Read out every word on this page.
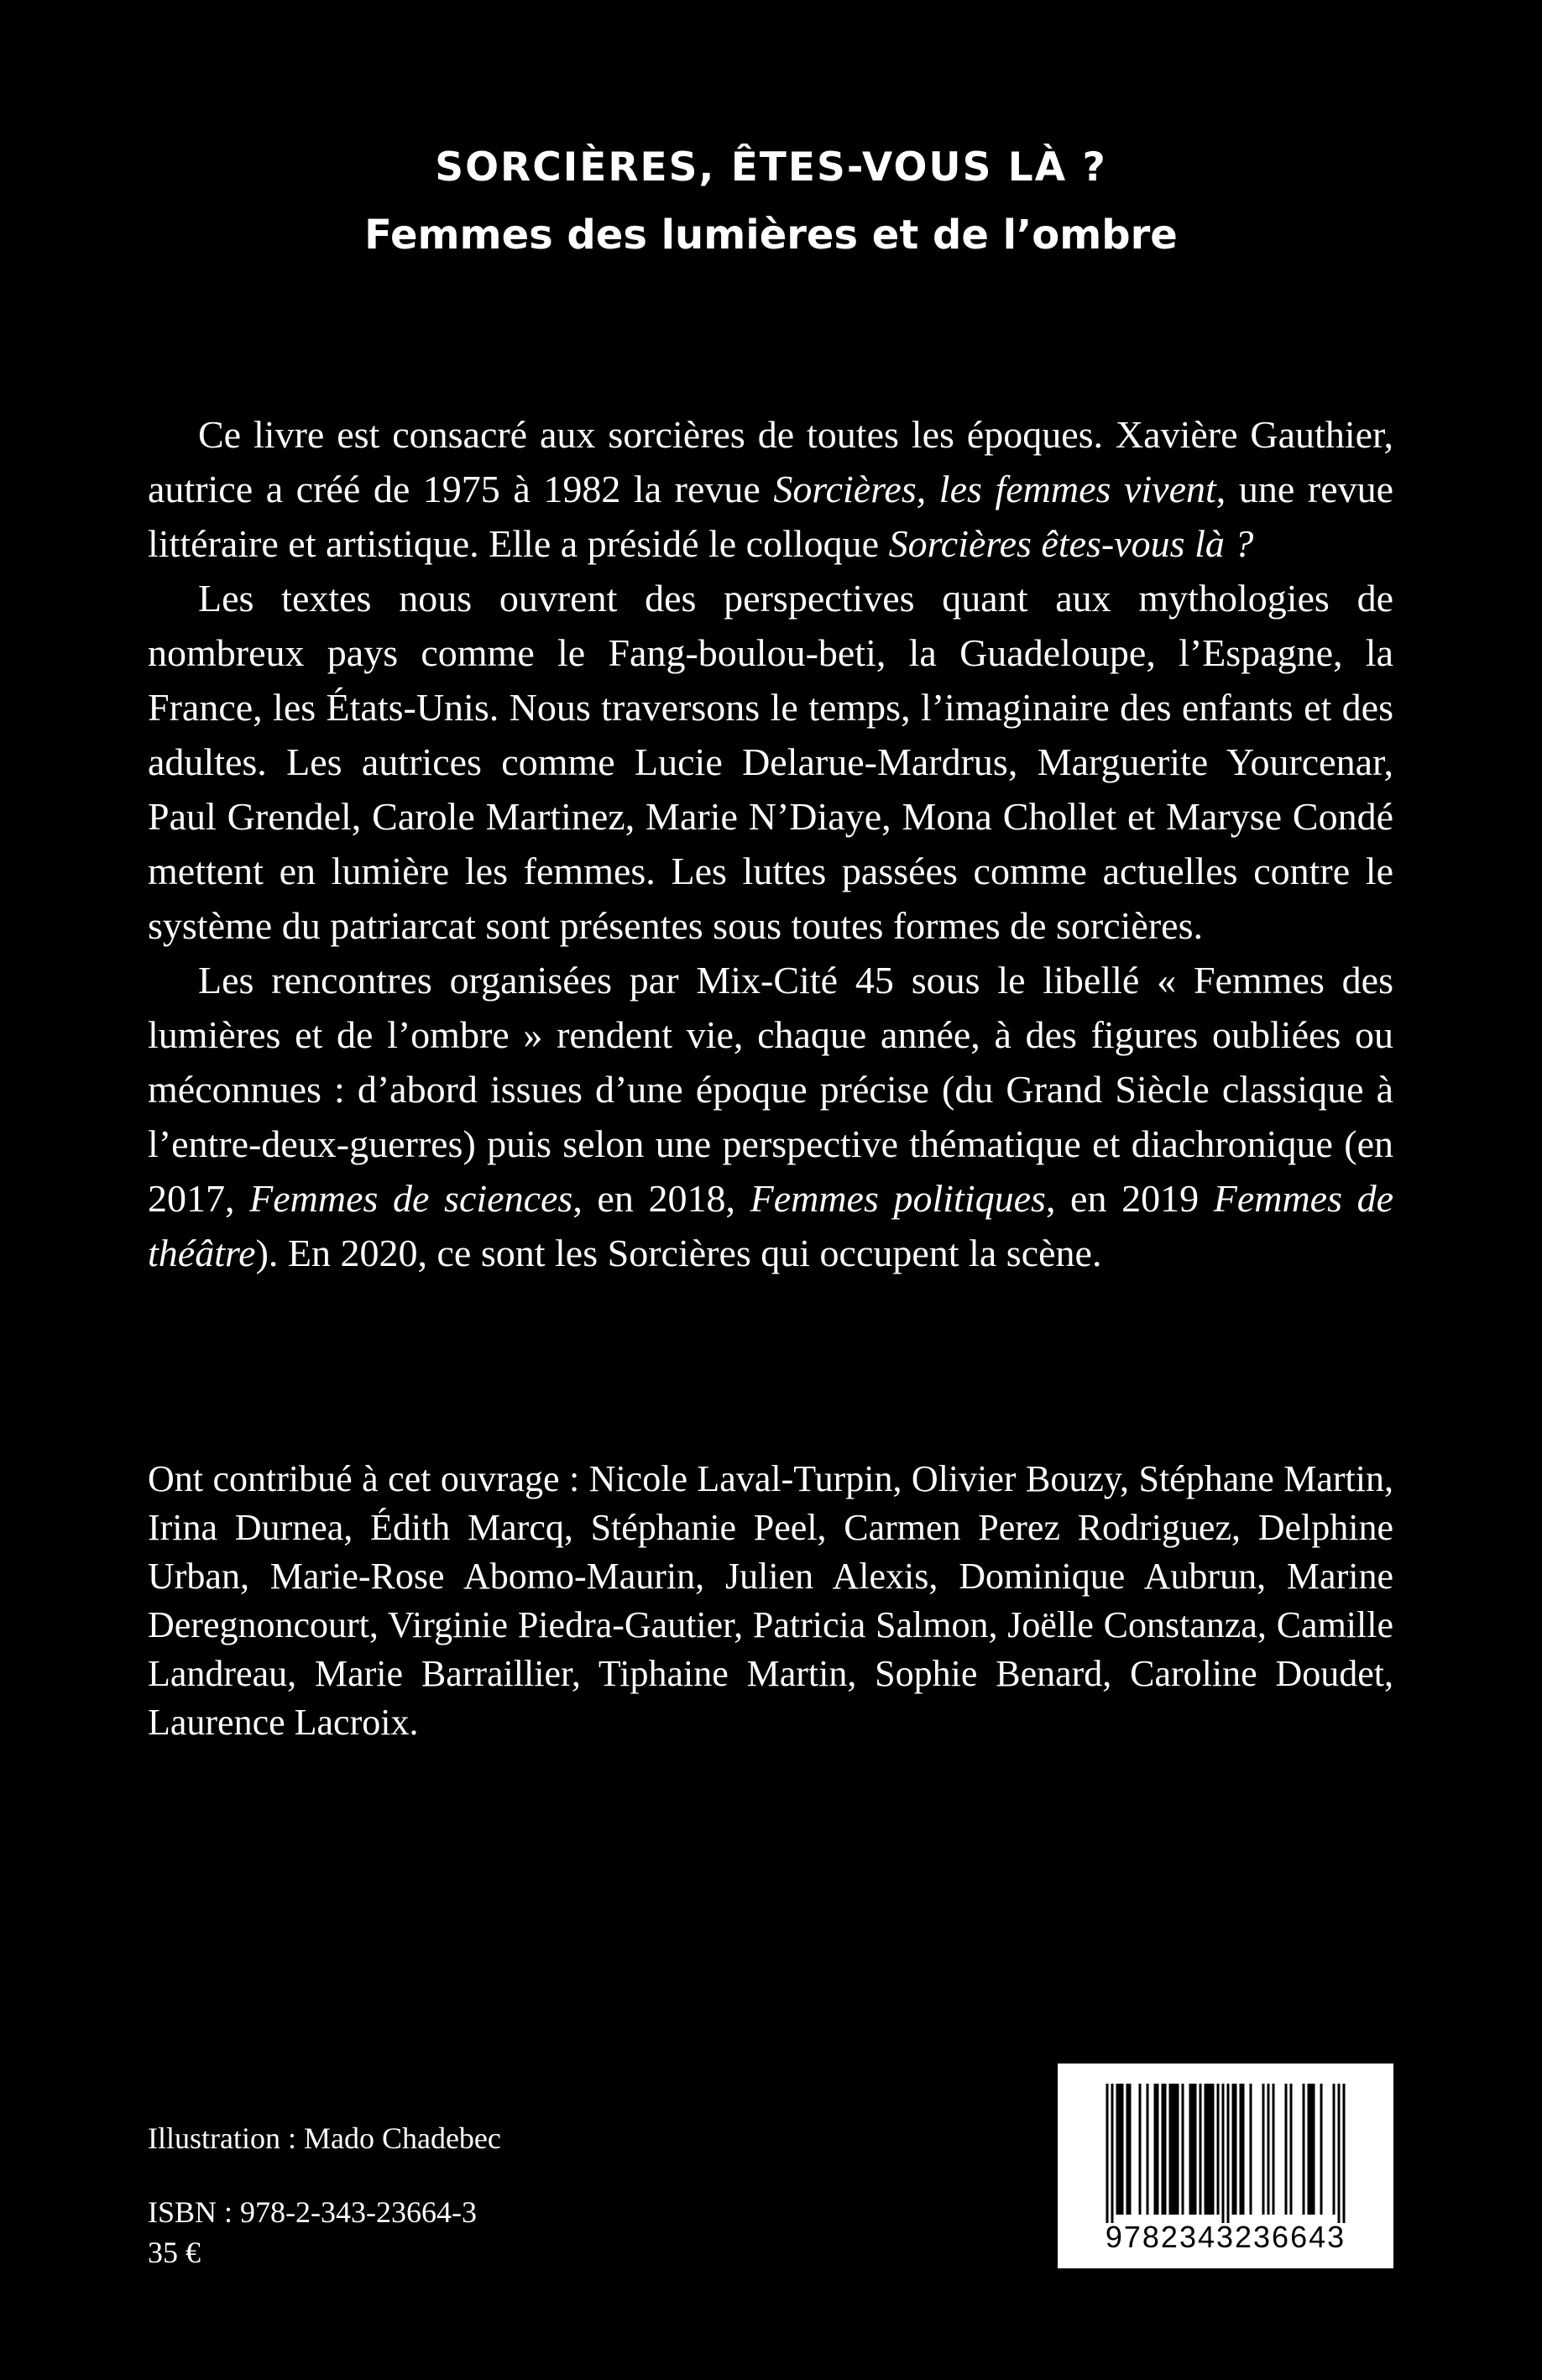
SORCIÈRES, ÊTES-VOUS LÀ ?
Femmes des lumières et de l’ombre

Ce livre est consacré aux sorcières de toutes les époques. Xavière Gauthier, autrice a créé de 1975 à 1982 la revue Sorcières, les femmes vivent, une revue littéraire et artistique. Elle a présidé le colloque Sorcières êtes-vous là ?

Les textes nous ouvrent des perspectives quant aux mythologies de nombreux pays comme le Fang-boulou-beti, la Guadeloupe, l’Espagne, la France, les États-Unis. Nous traversons le temps, l’imaginaire des enfants et des adultes. Les autrices comme Lucie Delarue-Mardrus, Marguerite Yourcenar, Paul Grendel, Carole Martinez, Marie N’Diaye, Mona Chollet et Maryse Condé mettent en lumière les femmes. Les luttes passées comme actuelles contre le système du patriarcat sont présentes sous toutes formes de sorcières.

Les rencontres organisées par Mix-Cité 45 sous le libellé « Femmes des lumières et de l’ombre » rendent vie, chaque année, à des figures oubliées ou méconnues : d’abord issues d’une époque précise (du Grand Siècle classique à l’entre-deux-guerres) puis selon une perspective thématique et diachronique (en 2017, Femmes de sciences, en 2018, Femmes politiques, en 2019 Femmes de théâtre). En 2020, ce sont les Sorcières qui occupent la scène.

Ont contribué à cet ouvrage : Nicole Laval-Turpin, Olivier Bouzy, Stéphane Martin, Irina Durnea, Édith Marcq, Stéphanie Peel, Carmen Perez Rodriguez, Delphine Urban, Marie-Rose Abomo-Maurin, Julien Alexis, Dominique Aubrun, Marine Deregnoncourt, Virginie Piedra-Gautier, Patricia Salmon, Joëlle Constanza, Camille Landreau, Marie Barraillier, Tiphaine Martin, Sophie Benard, Caroline Doudet, Laurence Lacroix.

Illustration : Mado Chadebec
ISBN : 978-2-343-23664-3
35 €	9782343236643
